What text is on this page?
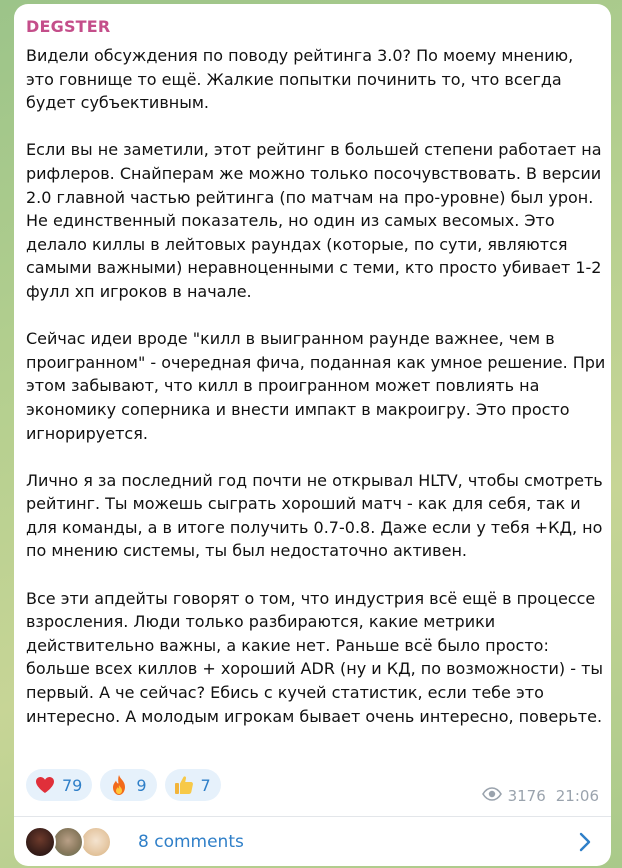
DEGSTER

Видели обсуждения по поводу рейтинга 3.0? По моему мнению, это говнище то ещё. Жалкие попытки починить то, что всегда будет субъективным.

Если вы не заметили, этот рейтинг в большей степени работает на рифлеров. Снайперам же можно только посочувствовать. В версии 2.0 главной частью рейтинга (по матчам на про-уровне) был урон. Не единственный показатель, но один из самых весомых. Это делало киллы в лейтовых раундах (которые, по сути, являются самыми важными) неравноценными с теми, кто просто убивает 1-2 фулл хп игроков в начале.

Сейчас идеи вроде "килл в выигранном раунде важнее, чем в проигранном" - очередная фича, поданная как умное решение. При этом забывают, что килл в проигранном может повлиять на экономику соперника и внести импакт в макроигру. Это просто игнорируется.

Лично я за последний год почти не открывал HLTV, чтобы смотреть рейтинг. Ты можешь сыграть хороший матч - как для себя, так и для команды, а в итоге получить 0.7-0.8. Даже если у тебя +КД, но по мнению системы, ты был недостаточно активен.

Все эти апдейты говорят о том, что индустрия всё ещё в процессе взросления. Люди только разбираются, какие метрики действительно важны, а какие нет. Раньше всё было просто: больше всех киллов + хороший ADR (ну и КД, по возможности) - ты первый. А че сейчас? Ебись с кучей статистик, если тебе это интересно. А молодым игрокам бывает очень интересно, поверьте.

79	9	7
3176 21:06
8 comments
